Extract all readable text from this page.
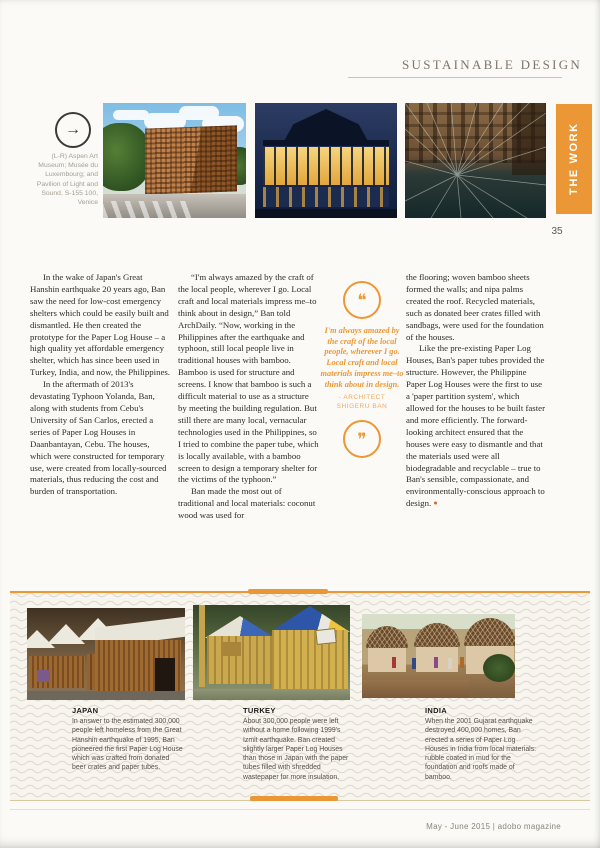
SUSTAINABLE DESIGN
→
(L-R) Aspen Art Museum; Musée du Luxembourg; and Pavilion of Light and Sound, S-155 100, Venice
THE WORK
35

In the wake of Japan's Great Hanshin earthquake 20 years ago, Ban saw the need for low-cost emergency shelters which could be easily built and dismantled. He then created the prototype for the Paper Log House – a high quality yet affordable emergency shelter, which has since been used in Turkey, India, and now, the Philippines.

In the aftermath of 2013's devastating Typhoon Yolanda, Ban, along with students from Cebu's University of San Carlos, erected a series of Paper Log Houses in Daanbantayan, Cebu. The houses, which were constructed for temporary use, were created from locally-sourced materials, thus reducing the cost and burden of transportation.

“I'm always amazed by the craft of the local people, wherever I go. Local craft and local materials impress me–to think about in design,” Ban told ArchDaily. “Now, working in the Philippines after the earthquake and typhoon, still local people live in traditional houses with bamboo. Bamboo is used for structure and screens. I know that bamboo is such a difficult material to use as a structure by meeting the building regulation. But still there are many local, vernacular technologies used in the Philippines, so I tried to combine the paper tube, which is locally available, with a bamboo screen to design a temporary shelter for the victims of the typhoon.”

Ban made the most out of traditional and local materials: coconut wood was used for

the flooring; woven bamboo sheets formed the walls; and nipa palms created the roof. Recycled materials, such as donated beer crates filled with sandbags, were used for the foundation of the houses.

Like the pre-existing Paper Log Houses, Ban's paper tubes provided the structure. However, the Philippine Paper Log Houses were the first to use a 'paper partition system', which allowed for the houses to be built faster and more efficiently. The forward-looking architect ensured that the houses were easy to dismantle and that the materials used were all biodegradable and recyclable – true to Ban's sensible, compassionate, and environmentally-conscious approach to design. ●

❝
I'm always amazed by the craft of the local people, wherever I go. Local craft and local materials impress me–to think about in design.
- ARCHITECT
SHIGERU BAN
❞
JAPAN
In answer to the estimated 300,000 people left homeless from the Great Hanshin earthquake of 1995, Ban pioneered the first Paper Log House which was crafted from donated beer crates and paper tubes.
TURKEY
About 300,000 people were left without a home following 1999's Izmit earthquake. Ban created slightly larger Paper Log Houses than those in Japan with the paper tubes filled with shredded wastepaper for more insulation.
INDIA
When the 2001 Gujarat earthquake destroyed 400,000 homes, Ban erected a series of Paper Log Houses in India from local materials: rubble coated in mud for the foundation and roofs made of bamboo.
May - June 2015 | adobo magazine
